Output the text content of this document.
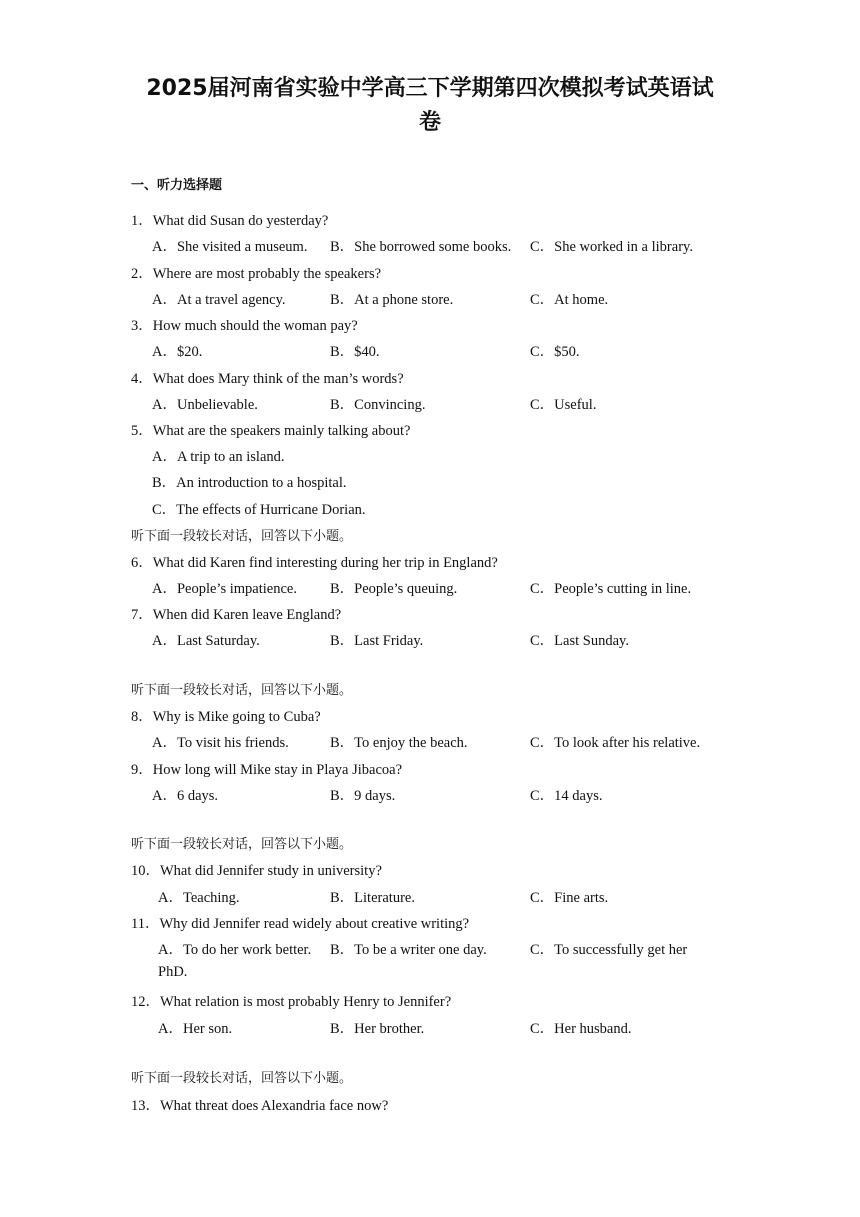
2025届河南省实验中学高三下学期第四次模拟考试英语试
卷
一、听力选择题
1．What did Susan do yesterday?
A．She visited a museum. B．She borrowed some books. C．She worked in a library.
2．Where are most probably the speakers?
A．At a travel agency.	B．At a phone store.	C．At home.
3．How much should the woman pay?
A．$20.	B．$40.	C．$50.
4．What does Mary think of the man’s words?
A．Unbelievable.	B．Convincing.	C．Useful.
5．What are the speakers mainly talking about?
A．A trip to an island.
B．An introduction to a hospital.
C．The effects of Hurricane Dorian.
听下面一段较长对话，回答以下小题。
6．What did Karen find interesting during her trip in England?
A．People’s impatience. B．People’s queuing.	C．People’s cutting in line.
7．When did Karen leave England?
A．Last Saturday.	B．Last Friday.	C．Last Sunday.
听下面一段较长对话，回答以下小题。
8．Why is Mike going to Cuba?
A．To visit his friends.	B．To enjoy the beach.	C．To look after his relative.
9．How long will Mike stay in Playa Jibacoa?
A．6 days.	B．9 days.	C．14 days.
听下面一段较长对话，回答以下小题。
10．What did Jennifer study in university?
A．Teaching.	B．Literature.	C．Fine arts.
11．Why did Jennifer read widely about creative writing?
A．To do her work better. B．To be a writer one day.	C．To successfully get her
PhD.
12．What relation is most probably Henry to Jennifer?
A．Her son.	B．Her brother.	C．Her husband.
听下面一段较长对话，回答以下小题。
13．What threat does Alexandria face now?
